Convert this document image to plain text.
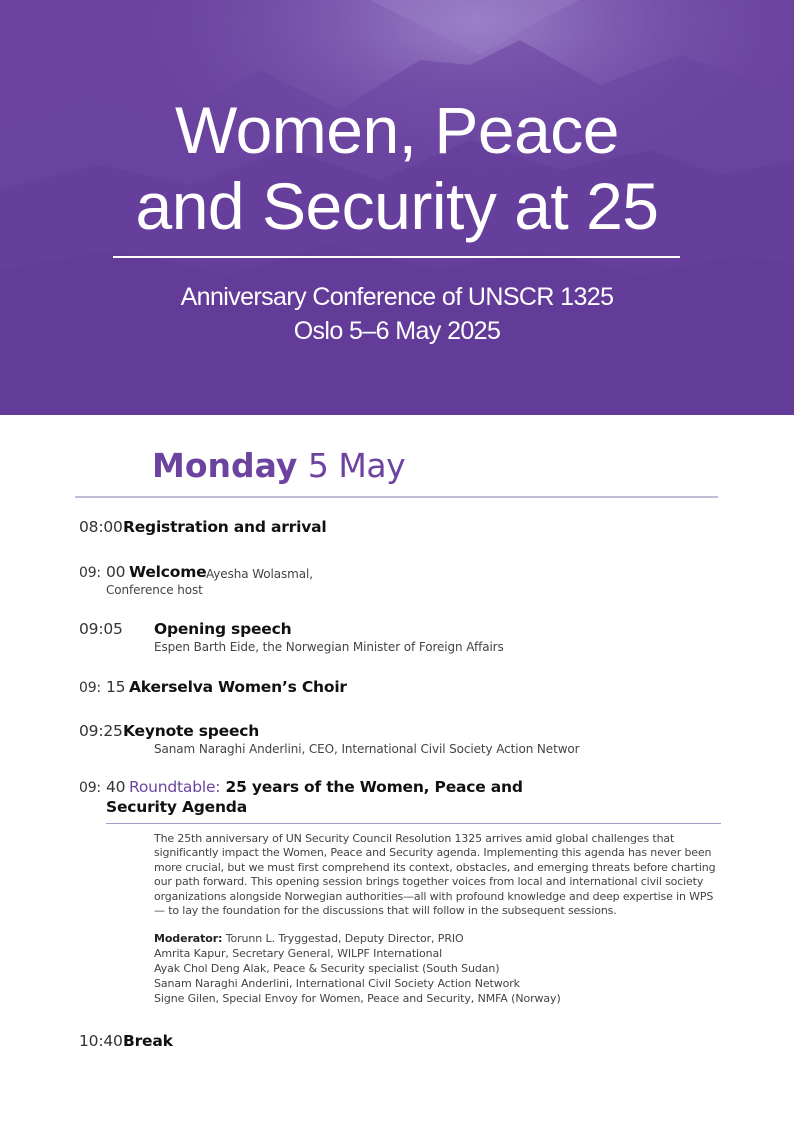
Women, Peace
and Security at 25
Anniversary Conference of UNSCR 1325
Oslo 5–6 May 2025
Monday 5 May
08:00 Registration and arrival
09: 00 Welcome Ayesha Wolasmal,
Conference host
09:05 Opening speech
Espen Barth Eide, the Norwegian Minister of Foreign Affairs
09: 15 Akerselva Women’s Choir
09:25 Keynote speech
Sanam Naraghi Anderlini, CEO, International Civil Society Action Networ
09: 40 Roundtable: 25 years of the Women, Peace and
Security Agenda
The 25th anniversary of UN Security Council Resolution 1325 arrives amid global challenges that significantly impact the Women, Peace and Security agenda. Implementing this agenda has never been more crucial, but we must first comprehend its context, obstacles, and emerging threats before charting our path forward. This opening session brings together voices from local and international civil society organizations alongside Norwegian authorities—all with profound knowledge and deep expertise in WPS — to lay the foundation for the discussions that will follow in the subsequent sessions.
Moderator: Torunn L. Tryggestad, Deputy Director, PRIO
Amrita Kapur, Secretary General, WILPF International
Ayak Chol Deng Alak, Peace & Security specialist (South Sudan)
Sanam Naraghi Anderlini, International Civil Society Action Network
Signe Gilen, Special Envoy for Women, Peace and Security, NMFA (Norway)
10:40 Break
